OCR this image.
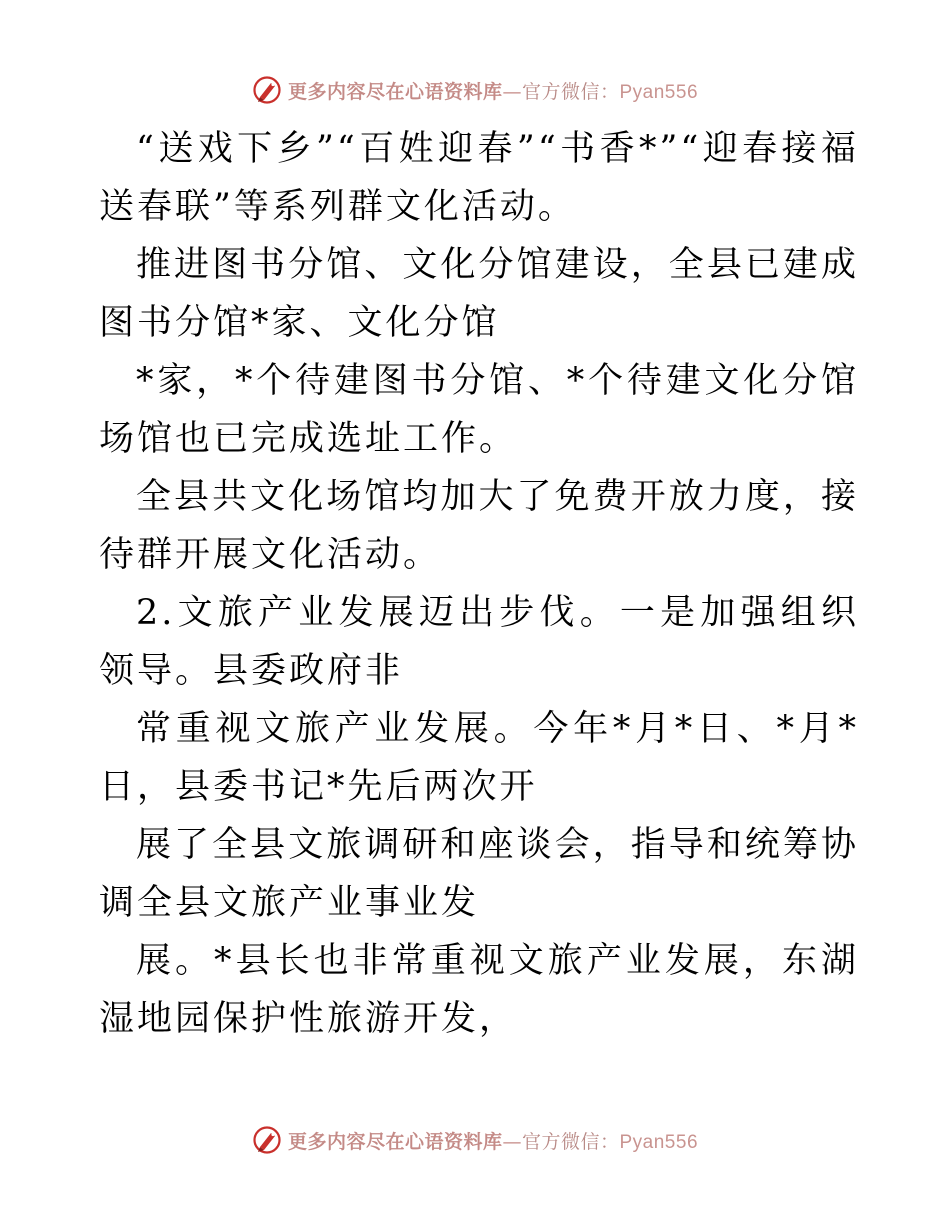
更多内容尽在心语资料库—官方微信：Pyan556

“送戏下乡”“百姓迎春”“书香*”“迎春接福送春联”等系列群文化活动。

推进图书分馆、文化分馆建设，全县已建成图书分馆*家、文化分馆

*家，*个待建图书分馆、*个待建文化分馆场馆也已完成选址工作。

全县共文化场馆均加大了免费开放力度，接待群开展文化活动。

2.文旅产业发展迈出步伐。一是加强组织领导。县委政府非

常重视文旅产业发展。今年*月*日、*月*日，县委书记*先后两次开

展了全县文旅调研和座谈会，指导和统筹协调全县文旅产业事业发

展。*县长也非常重视文旅产业发展，东湖湿地园保护性旅游开发，

更多内容尽在心语资料库—官方微信：Pyan556
